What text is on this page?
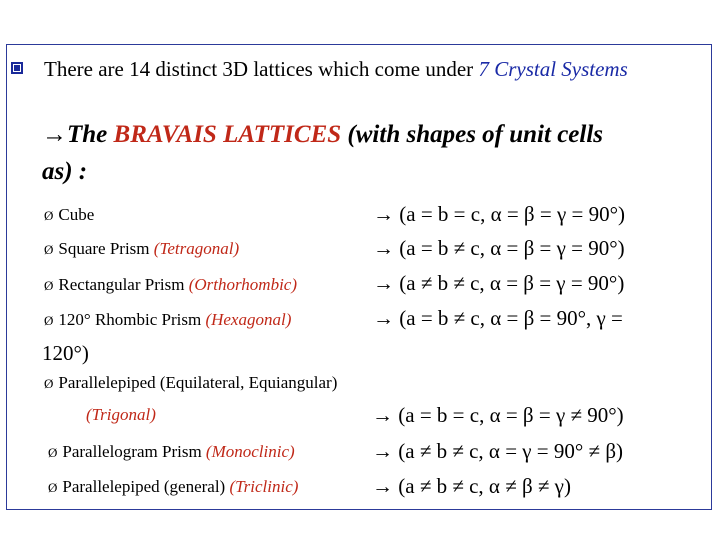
There are 14 distinct 3D lattices which come under 7 Crystal Systems
→The BRAVAIS LATTICES (with shapes of unit cells
as) :
Ø Cube	→ (a = b = c, α = β = γ = 90°)
Ø Square Prism (Tetragonal)	→ (a = b ≠ c, α = β = γ = 90°)
Ø Rectangular Prism (Orthorhombic)	→ (a ≠ b ≠ c, α = β = γ = 90°)
Ø 120° Rhombic Prism (Hexagonal)	→ (a = b ≠ c, α = β = 90°, γ =
120°)
Ø Parallelepiped (Equilateral, Equiangular)
(Trigonal)	→ (a = b = c, α = β = γ ≠ 90°)
Ø Parallelogram Prism (Monoclinic)	→ (a ≠ b ≠ c, α = γ = 90° ≠ β)
Ø Parallelepiped (general) (Triclinic)	→ (a ≠ b ≠ c, α ≠ β ≠ γ)
